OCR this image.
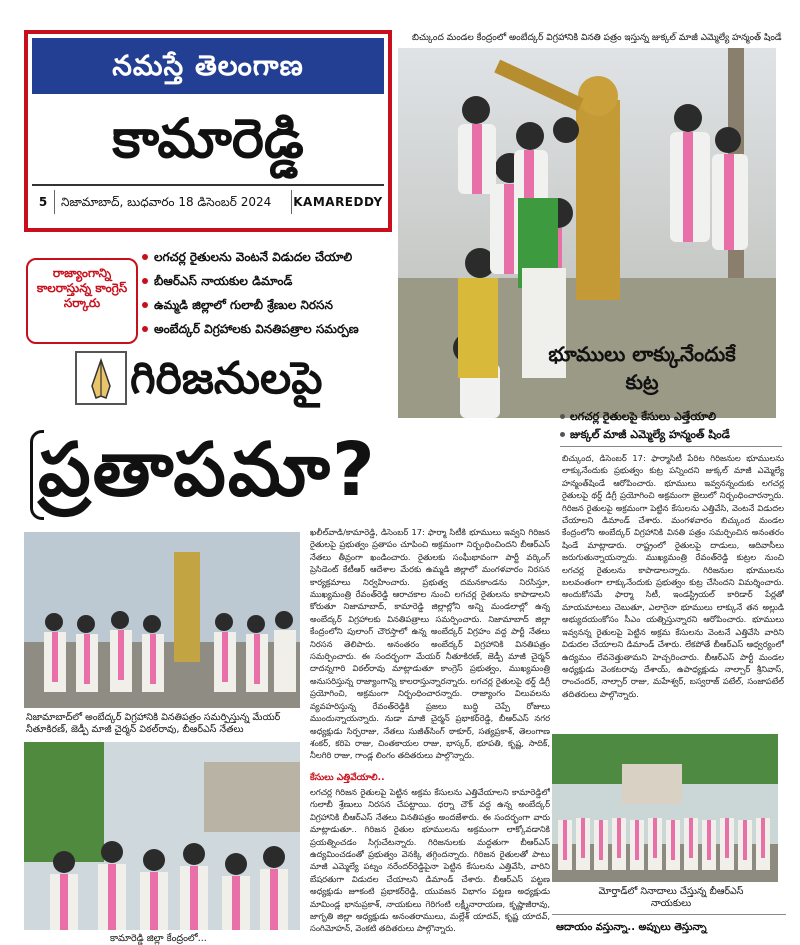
నమస్తే తెలంగాణ
కామారెడ్డి
5	నిజామాబాద్‌, బుధవారం 18 డిసెంబర్‌ 2024	KAMAREDDY
బిచ్కుంద మండల కేంద్రంలో అంబేద్కర్‌ విగ్రహానికి వినతి పత్రం ఇస్తున్న జుక్కల్‌ మాజీ ఎమ్మెల్యే హన్మంత్‌ షిండే
రాజ్యాంగాన్ని కాలరాస్తున్న కాంగ్రెస్‌ సర్కారు
లగచర్ల రైతులను వెంటనే విడుదల చేయాలి
బీఆర్‌ఎస్‌ నాయకుల డిమాండ్‌
ఉమ్మడి జిల్లాలో గులాబీ శ్రేణుల నిరసన
అంబేద్కర్‌ విగ్రహాలకు వినతిపత్రాల సమర్పణ
గిరిజనులపై
ప్రతాపమా?
భూములు లాక్కునేందుకే కుట్ర
లగచర్ల రైతులపై కేసులు ఎత్తేయాలి
జుక్కల్‌ మాజీ ఎమ్మెల్యే హన్మంత్‌ షిండే
బిచ్కుంద, డిసెంబర్‌ 17: ఫార్మాసిటీ పేరిట గిరిజనుల భూములను లాక్కునేందుకు ప్రభుత్వం కుట్ర పన్నిందని జుక్కల్‌ మాజీ ఎమ్మెల్యే హన్మంత్‌షిండే ఆరోపించారు. భూములు ఇవ్వనన్నందుకు లగచర్ల రైతులపై థర్డ్‌ డిగ్రీ ప్రయోగించి అక్రమంగా జైలులో నిర్బంధించారన్నారు. గిరిజన రైతులపై అక్రమంగా పెట్టిన కేసులను ఎత్తివేసి, వెంటనే విడుదల చేయాలని డిమాండ్‌ చేశారు. మంగళవారం బిచ్కుంద మండల కేంద్రంలోని అంబేద్కర్‌ విగ్రహానికి వినతి పత్రం సమర్పించిన అనంతరం షిండే మాట్లాడారు. రాష్ట్రంలో రైతులపై దాడులు, ఆదివాసీలు జరుగుతున్నాయన్నారు. ముఖ్యమంత్రి రేవంత్‌రెడ్డి కుట్రల నుంచి లగచర్ల రైతులను కాపాడాలన్నారు. గిరిజనుల భూములను బలవంతంగా లాక్కునేందుకు ప్రభుత్వం కుట్ర చేసిందని విమర్శించారు. అందుకోసమే ఫార్మా సిటీ, ఇండస్ట్రియల్‌ కారిడార్‌ పేర్లతో మాయమాటలు చెబుతూ, ఎలాగైనా భూములు లాక్కునే తన అల్లుడి అభ్యుదయంకోసం సీఎం యత్నిస్తున్నారని ఆరోపించారు. భూములు ఇవ్వనన్న రైతులపై పెట్టిన అక్రమ కేసులను వెంటనే ఎత్తివేసి వారిని విడుదల చేయాలని డిమాండ్‌ చేశారు. లేకపోతే బీఆర్‌ఎస్‌ ఆధ్వర్యంలో ఉద్యమం లేవనెత్తుతామని హెచ్చరించారు. బీఆర్‌ఎస్‌ పార్టీ మండల అధ్యక్షుడు వెంకటరావు దేశాయ్‌, ఉపాధ్యక్షుడు నాల్చార్‌ శ్రీనివాస్‌, రాంచందర్‌, నాల్చార్‌ రాజు, మహేశ్వర్‌, బస్వరాజ్‌ పటేల్‌, సంజాపటేల్‌ తదితరులు పాల్గొన్నారు.
నిజామాబాద్‌లో అంబేద్కర్‌ విగ్రహానికి వినతిపత్రం సమర్పిస్తున్న మేయర్‌ నీతూకిరణ్‌, జెడ్పీ మాజీ చైర్మన్‌ విఠల్‌రావు, బీఆర్‌ఎస్‌ నేతలు
కామారెడ్డి జిల్లా కేంద్రంలో...
ఖలీల్‌వాడి/కామారెడ్డి, డిసెంబర్‌ 17: ఫార్మా సిటీకి భూములు ఇవ్వని గిరిజన రైతులపై ప్రభుత్వం ప్రతాపం చూపించి అక్రమంగా నిర్బంధించిందని బీఆర్‌ఎస్‌ నేతలు తీవ్రంగా ఖండించారు. రైతులకు సంఘీభావంగా పార్టీ వర్కింగ్‌ ప్రెసిడెంట్‌ కేటీఆర్‌ ఆదేశాల మేరకు ఉమ్మడి జిల్లాలో మంగళవారం నిరసన కార్యక్రమాలు నిర్వహించారు. ప్రభుత్వ దమనకాండను నిరసిస్తూ, ముఖ్యమంత్రి రేవంత్‌రెడ్డి ఆరాచకాల నుంచి లగచర్ల రైతులను కాపాడాలని కోరుతూ నిజామాబాద్‌, కామారెడ్డి జిల్లాల్లోని అన్ని మండలాల్లో ఉన్న అంబేద్కర్‌ విగ్రహాలకు వినతిపత్రాలు సమర్పించారు. నిజామాబాద్‌ జిల్లా కేంద్రంలోని పులాంగ్‌ చౌరస్తాలో ఉన్న అంబేద్కర్‌ విగ్రహం వద్ద పార్టీ నేతలు నిరసన తెలిపారు. అనంతరం అంబేద్కర్‌ విగ్రహానికి వినతిపత్రం సమర్పించారు. ఈ సందర్భంగా మేయర్‌ నీతూకిరణ్‌, జెడ్పీ మాజీ చైర్మన్‌ దాదన్నగారి విఠల్‌రావు మాట్లాడుతూ కాంగ్రెస్‌ ప్రభుత్వం, ముఖ్యమంత్రి అనుసరిస్తున్న రాజ్యాంగాన్ని కాలరాస్తున్నారన్నారు. లగచర్ల రైతులపై థర్డ్‌ డిగ్రీ ప్రయోగించి, అక్రమంగా నిర్బంధించారన్నారు. రాజ్యాంగం విలువలను వ్యవహరిస్తున్న రేవంత్‌రెడ్డికి ప్రజలు బుద్ధి చెప్పే రోజులు ముందున్నాయన్నారు. నుడా మాజీ చైర్మన్‌ ప్రభాకర్‌రెడ్డి, బీఆర్‌ఎస్‌ నగర అధ్యక్షుడు సిర్పరాజు, నేతలు సుజీత్‌సింగ్‌ ఠాకూర్‌, సత్యప్రకాశ్‌, తెలంగాణ శంకర్‌, కరిపె రాజు, చింతకాయల రాజు, భాస్కర్‌, భూపతి, కృష్ణ, సాదిక్‌, నీలగిరి రాజు, గాండ్ల లింగం తదితరులు పాల్గొన్నారు.
కేసులు ఎత్తివేయాలి..
లగచర్ల గిరిజన రైతులపై పెట్టిన అక్రమ కేసులను ఎత్తివేయాలని కామారెడ్డిలో గులాబీ శ్రేణులు నిరసన చేపట్టాయి. ధర్నా చౌక్‌ వద్ద ఉన్న అంబేద్కర్‌ విగ్రహానికి బీఆర్‌ఎస్‌ నేతలు వినతిపత్రం అందజేశారు. ఈ సందర్భంగా వారు మాట్లాడుతూ.. గిరిజన రైతుల భూములను అక్రమంగా లాక్కోవడానికి ప్రయత్నించడం సిగ్గుచేటన్నారు. గిరిజనులకు మద్దతుగా బీఆర్‌ఎస్‌ ఉద్యమించడంతో ప్రభుత్వం వెనక్కి తగ్గిందన్నారు. గిరిజన రైతులతో పాటు మాజీ ఎమ్మెల్యే పట్నం నరేందర్‌రెడ్డిపైనా పెట్టిన కేసులను ఎత్తివేసి, వారిని బేషరతుగా విడుదల చేయాలని డిమాండ్‌ చేశారు. బీఆర్‌ఎస్‌ పట్టణ అధ్యక్షుడు జూకంటి ప్రభాకర్‌రెడ్డి, యువజన విభాగం పట్టణ అధ్యక్షుడు మామిండ్ల భానుప్రకాశ్‌, నాయకులు గెరిగంటి లక్ష్మీనారాయణ, కృష్ణాజీరావు, జాగృతి జిల్లా అధ్యక్షుడు అనంతరాములు, మల్లేశ్‌ యాదవ్‌, కృష్ణ యాదవ్‌, సంగిమోహన్‌, వెంకటి తదితరులు పాల్గొన్నారు.
మోర్తాడ్‌లో నినాదాలు చేస్తున్న బీఆర్‌ఎస్‌ నాయకులు
ఆదాయం వస్తున్నా.. అప్పులు తెస్తున్నా
